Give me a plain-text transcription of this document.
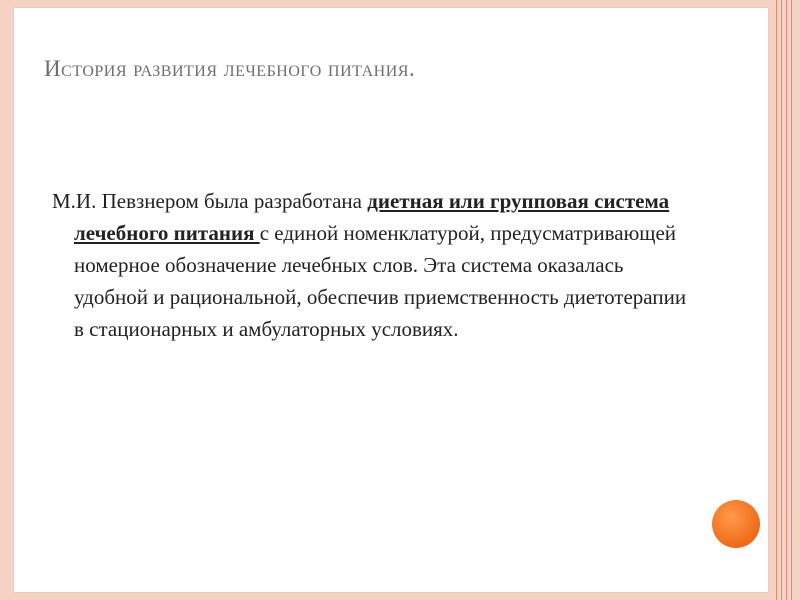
История развития лечебного питания.
М.И. Певзнером была разработана диетная или групповая система лечебного питания с единой номенклатурой, предусматривающей номерное обозначение лечебных слов. Эта система оказалась удобной и рациональной, обеспечив приемственность диетотерапии в стационарных и амбулаторных условиях.
